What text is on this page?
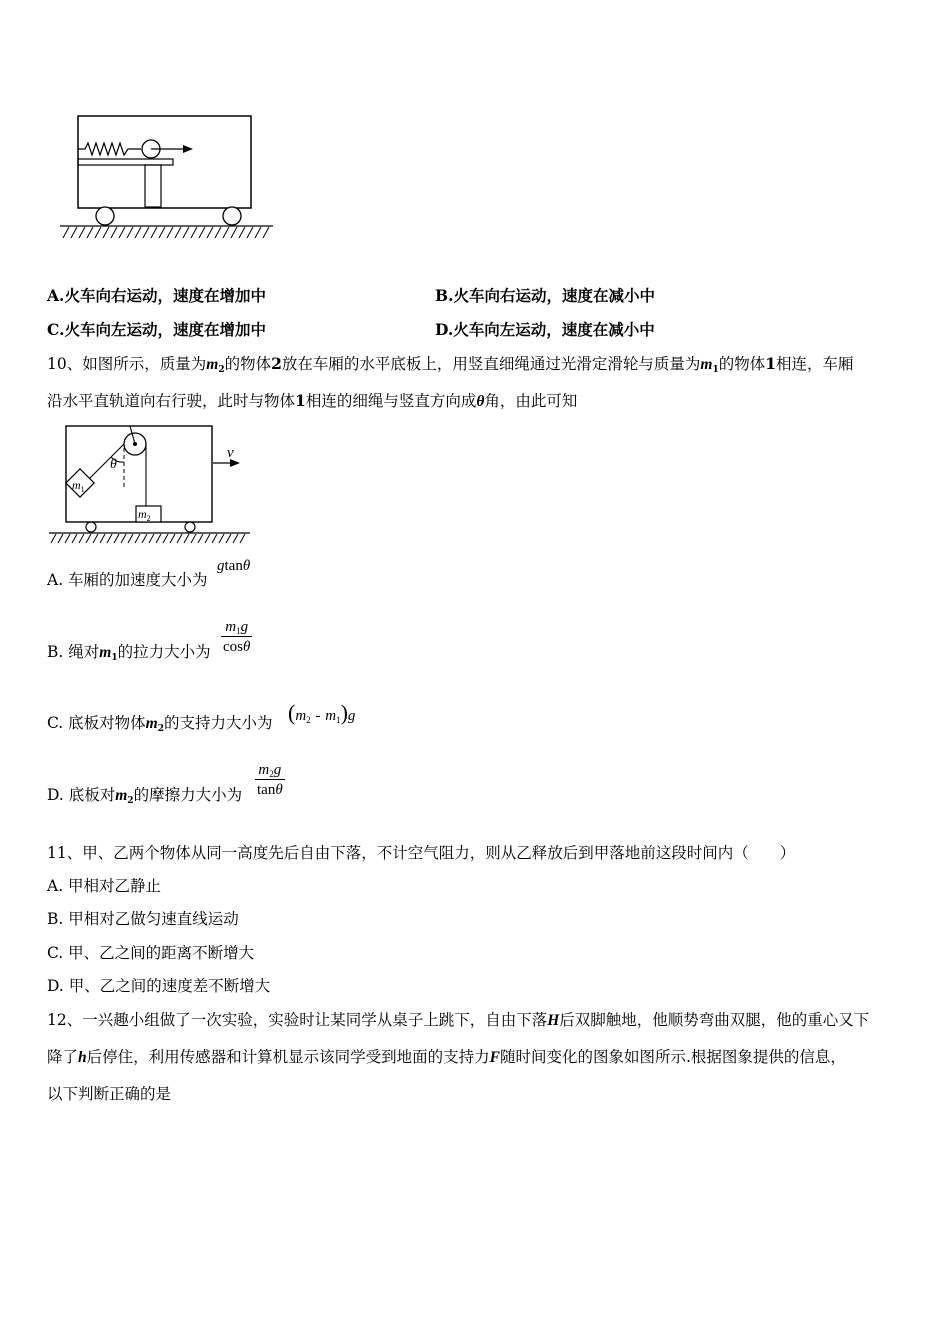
A.火车向右运动，速度在增加中	B.火车向右运动，速度在减小中
C.火车向左运动，速度在增加中	D.火车向左运动，速度在减小中
10、如图所示，质量为$m_2$的物体2放在车厢的水平底板上，用竖直细绳通过光滑定滑轮与质量为$m_1$的物体1相连，车厢
沿水平直轨道向右行驶，此时与物体1相连的细绳与竖直方向成θ角，由此可知
θ
$m_1$
$m_2$
v
A. 车厢的加速度大小为
gtanθ
B. 绳对$m_1$的拉力大小为
$m_1g$
cosθ
C. 底板对物体$m_2$的支持力大小为 $(m_2 - m_1)g$
D. 底板对$m_2$的摩擦力大小为
$m_2g$
tanθ
11、甲、乙两个物体从同一高度先后自由下落，不计空气阻力，则从乙释放后到甲落地前这段时间内（　　）
A. 甲相对乙静止
B. 甲相对乙做匀速直线运动
C. 甲、乙之间的距离不断增大
D. 甲、乙之间的速度差不断增大
12、一兴趣小组做了一次实验，实验时让某同学从桌子上跳下，自由下落H后双脚触地，他顺势弯曲双腿，他的重心又下
降了h后停住，利用传感器和计算机显示该同学受到地面的支持力F随时间变化的图象如图所示.根据图象提供的信息，
以下判断正确的是
